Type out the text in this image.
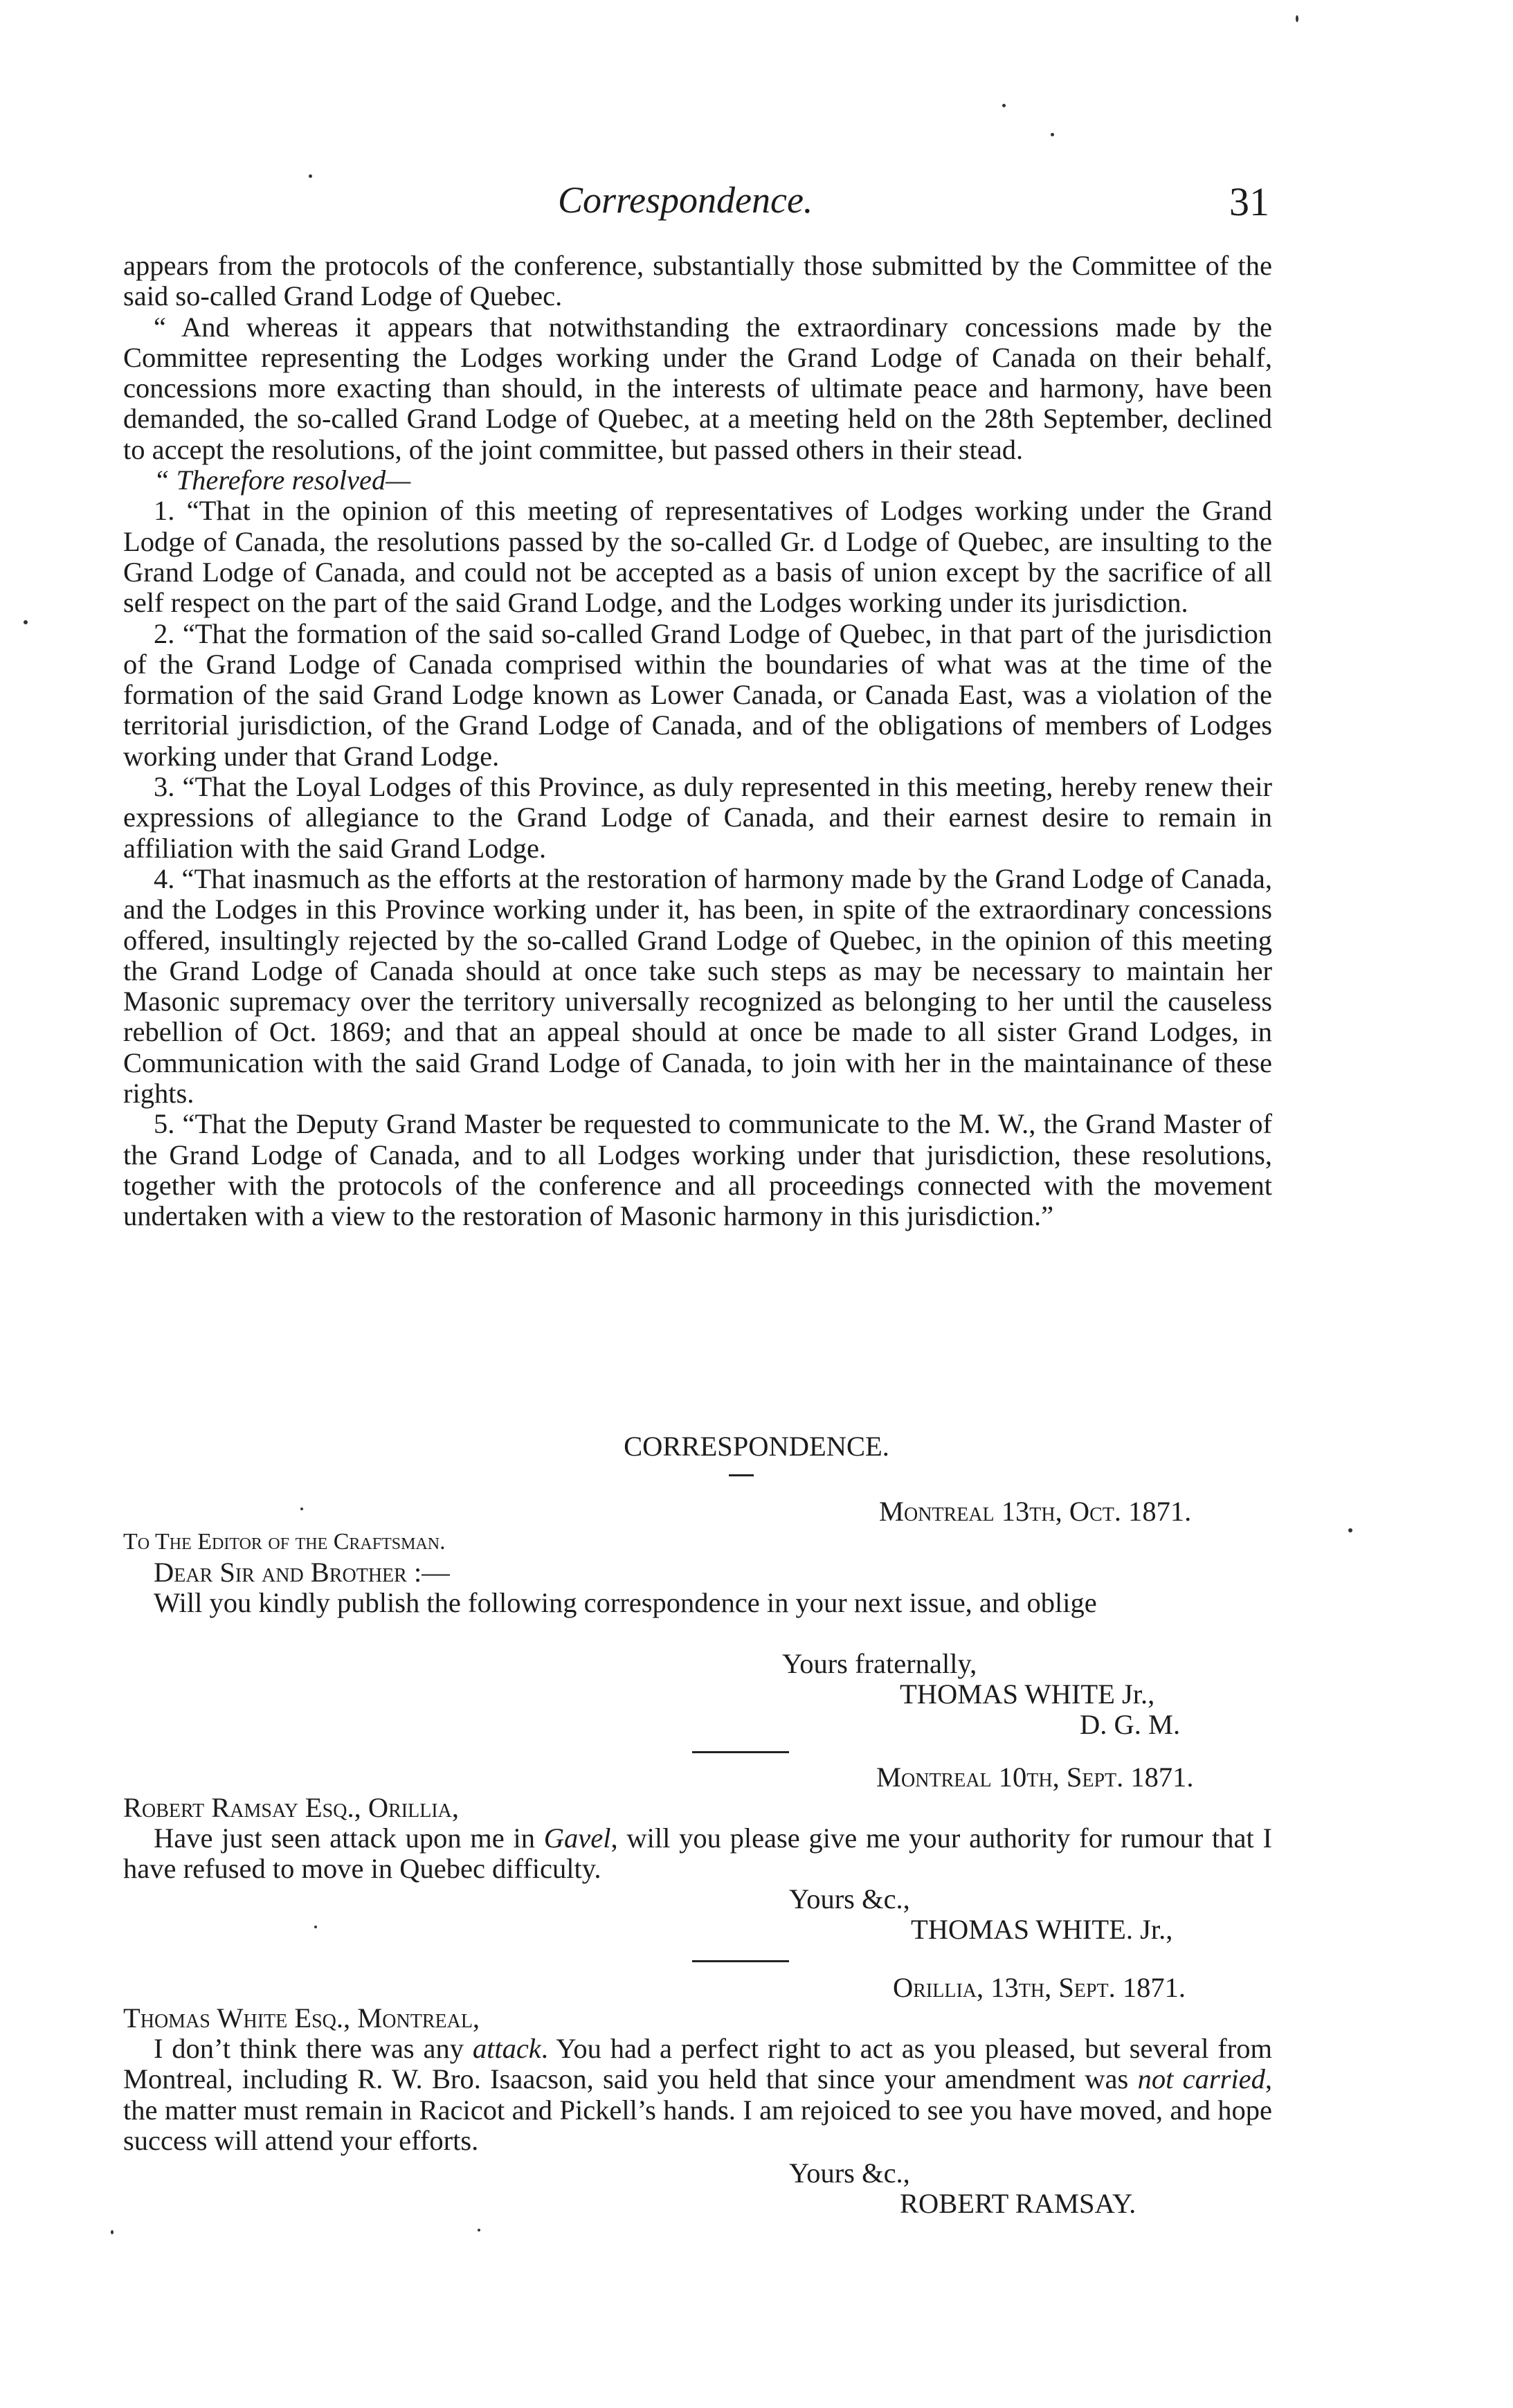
Correspondence.	31

appears from the protocols of the conference, substantially those submitted by the Committee of the said so-called Grand Lodge of Quebec.

“ And whereas it appears that notwithstanding the extraordinary concessions made by the Committee representing the Lodges working under the Grand Lodge of Canada on their behalf, concessions more exacting than should, in the interests of ultimate peace and harmony, have been demanded, the so-called Grand Lodge of Quebec, at a meeting held on the 28th September, declined to accept the resolutions, of the joint committee, but passed others in their stead.

“ Therefore resolved—

1. “That in the opinion of this meeting of representatives of Lodges working under the Grand Lodge of Canada, the resolutions passed by the so-called Gr. d Lodge of Quebec, are insulting to the Grand Lodge of Canada, and could not be accepted as a basis of union except by the sacrifice of all self respect on the part of the said Grand Lodge, and the Lodges working under its jurisdiction.

2. “That the formation of the said so-called Grand Lodge of Quebec, in that part of the jurisdiction of the Grand Lodge of Canada comprised within the boundaries of what was at the time of the formation of the said Grand Lodge known as Lower Canada, or Canada East, was a violation of the territorial jurisdiction, of the Grand Lodge of Canada, and of the obligations of members of Lodges working under that Grand Lodge.

3. “That the Loyal Lodges of this Province, as duly represented in this meeting, hereby renew their expressions of allegiance to the Grand Lodge of Canada, and their earnest desire to remain in affiliation with the said Grand Lodge.

4. “That inasmuch as the efforts at the restoration of harmony made by the Grand Lodge of Canada, and the Lodges in this Province working under it, has been, in spite of the extraordinary concessions offered, insultingly rejected by the so-called Grand Lodge of Quebec, in the opinion of this meeting the Grand Lodge of Canada should at once take such steps as may be necessary to maintain her Masonic supremacy over the territory universally recognized as belonging to her until the causeless rebellion of Oct. 1869; and that an appeal should at once be made to all sister Grand Lodges, in Communication with the said Grand Lodge of Canada, to join with her in the maintainance of these rights.

5. “That the Deputy Grand Master be requested to communicate to the M. W., the Grand Master of the Grand Lodge of Canada, and to all Lodges working under that jurisdiction, these resolutions, together with the protocols of the conference and all proceedings connected with the movement undertaken with a view to the restoration of Masonic harmony in this jurisdiction.”

CORRESPONDENCE.
Montreal 13th, Oct. 1871.
To The Editor of the Craftsman.
Dear Sir and Brother :—

Will you kindly publish the following correspondence in your next issue, and oblige

Yours fraternally,
THOMAS WHITE Jr.,
D. G. M.
Montreal 10th, Sept. 1871.
Robert Ramsay Esq., Orillia,

Have just seen attack upon me in Gavel, will you please give me your authority for rumour that I have refused to move in Quebec difficulty.

Yours &c.,
THOMAS WHITE. Jr.,
Orillia, 13th, Sept. 1871.
Thomas White Esq., Montreal,

I don’t think there was any attack. You had a perfect right to act as you pleased, but several from Montreal, including R. W. Bro. Isaacson, said you held that since your amendment was not carried, the matter must remain in Racicot and Pickell’s hands. I am rejoiced to see you have moved, and hope success will attend your efforts.

Yours &c.,
ROBERT RAMSAY.
